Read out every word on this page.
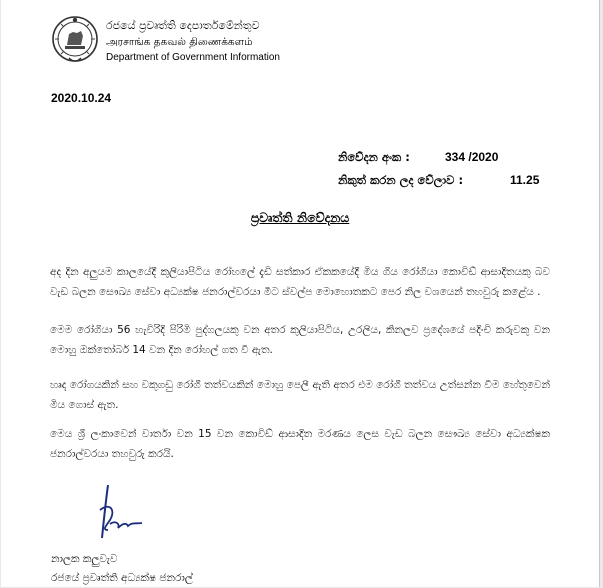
රජයේ ප්‍රවෘත්ති දෙපාර්තමේන්තුව
அரசாங்க தகவல் திணைக்களம்
Department of Government Information
2020.10.24
නිවේදන අංක :	334 /2020
නිකුත් කරන ලද වේලාව :	11.25
ප්‍රවෘත්ති නිවේදනය
අද දින අලුයම කාලයේදී කුලියාපිටිය රෝහලේ දැඩි සත්කාර ඒකකයේදී මිය ගිය රෝගියා කොවිඩ් ආසාදිතයකු බව වැඩ බලන සෞඛ්‍ය සේවා අධ්‍යක්ෂ ජනරාල්වරයා මීට ස්වල්ප මොහොතකට පෙර නිල වශයෙන් තහවුරු කළේය .
මෙම රෝගියා 56 හැවිරිදි පිරිමි පුද්ගලයකු වන අතර කුලියාපිටිය, උරලිය, කිනලව ප්‍රදේශයේ පදිංචි කරුවකු වන මොහු ඔක්තෝබර් 14 වන දින රෝහල් ගත වී ඇත.
හෘද රෝගයකින් සහ වකුගඩු රෝගී තත්වයකින් මොහු පෙලී ඇති අතර එම රෝගී තත්වය උත්සන්න වීම හේතුවෙන් මිය ගොස් ඇත.
මෙය ශ්‍රී ලංකාවෙන් වාර්තා වන 15 වන කොවිඩ් ආසාදිත මරණය ලෙස වැඩ බලන සෞඛ්‍ය සේවා අධ්‍යක්ෂක ජනරාල්වරයා තහවුරු කරයි.
නාලක කලුවැව
රජයේ ප්‍රවෘත්ති අධ්‍යක්ෂ ජනරාල්
